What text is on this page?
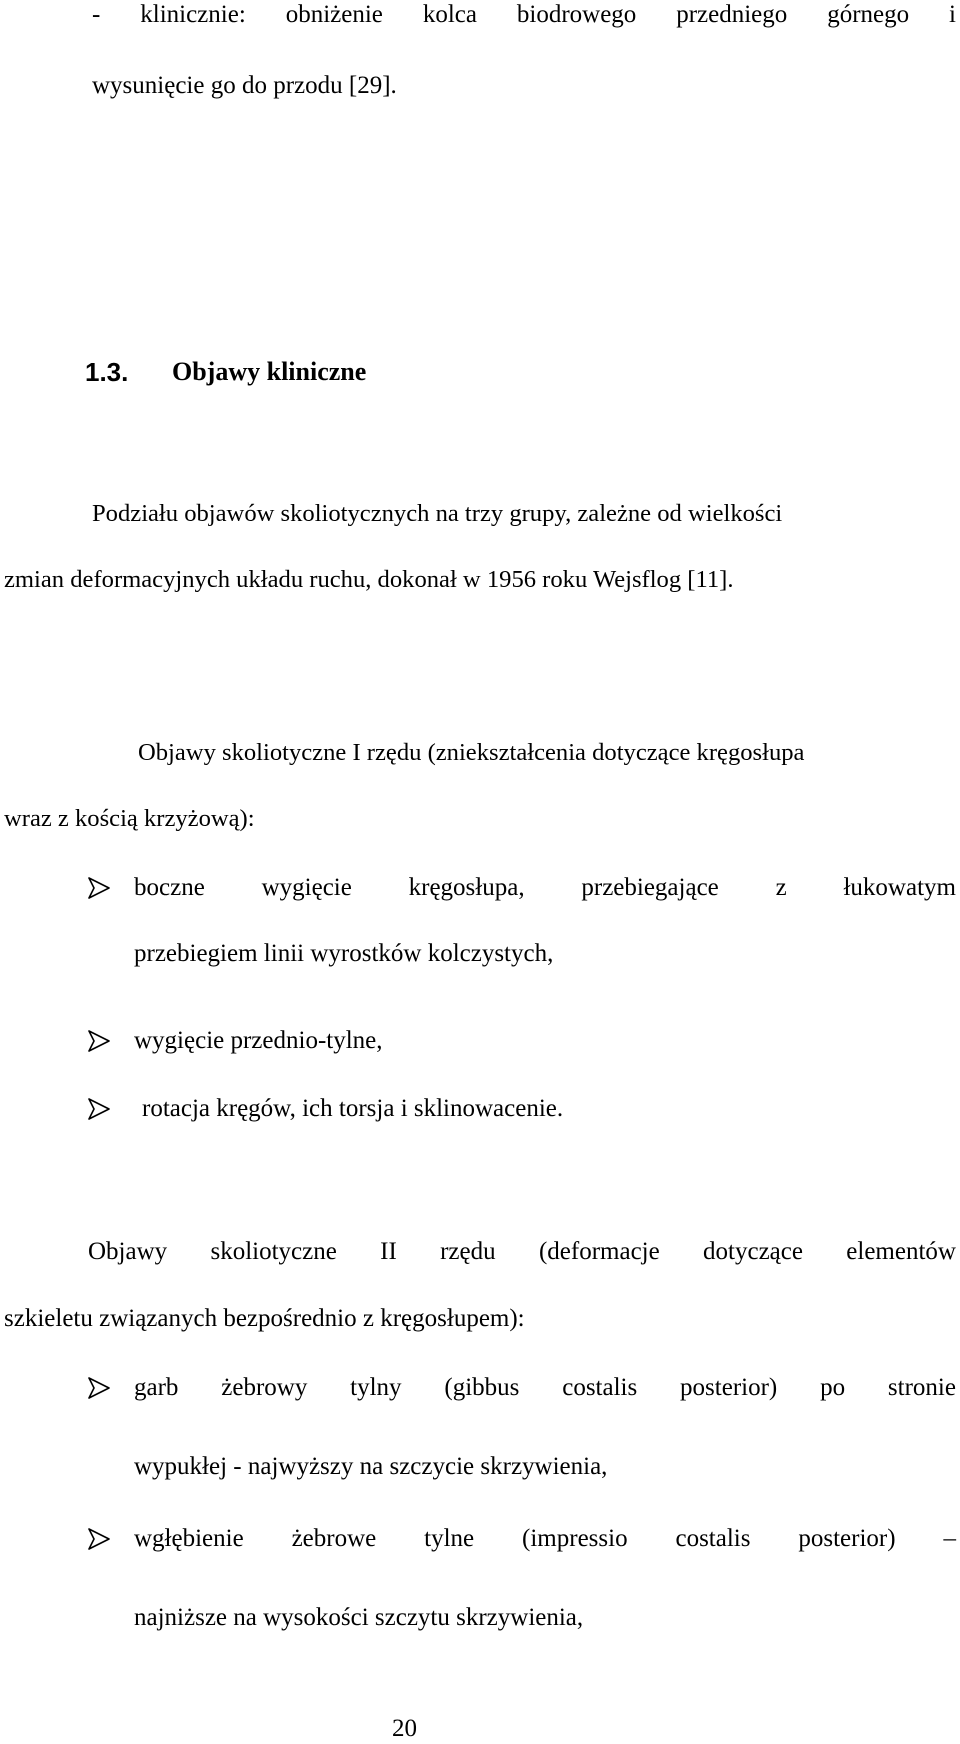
- klinicznie: obniżenie kolca biodrowego przedniego górnego i
wysunięcie go do przodu [29].
1.3. Objawy kliniczne
Podziału objawów skoliotycznych na trzy grupy, zależne od wielkości
zmian deformacyjnych układu ruchu, dokonał w 1956 roku Wejsflog [11].
Objawy skoliotyczne I rzędu (zniekształcenia dotyczące kręgosłupa
wraz z kością krzyżową):
boczne wygięcie kręgosłupa, przebiegające z łukowatym
przebiegiem linii wyrostków kolczystych,
wygięcie przednio-tylne,
rotacja kręgów, ich torsja i sklinowacenie.
Objawy skoliotyczne II rzędu (deformacje dotyczące elementów
szkieletu związanych bezpośrednio z kręgosłupem):
garb żebrowy tylny (gibbus costalis posterior) po stronie
wypukłej - najwyższy na szczycie skrzywienia,
wgłębienie żebrowe tylne (impressio costalis posterior) –
najniższe na wysokości szczytu skrzywienia,
20
